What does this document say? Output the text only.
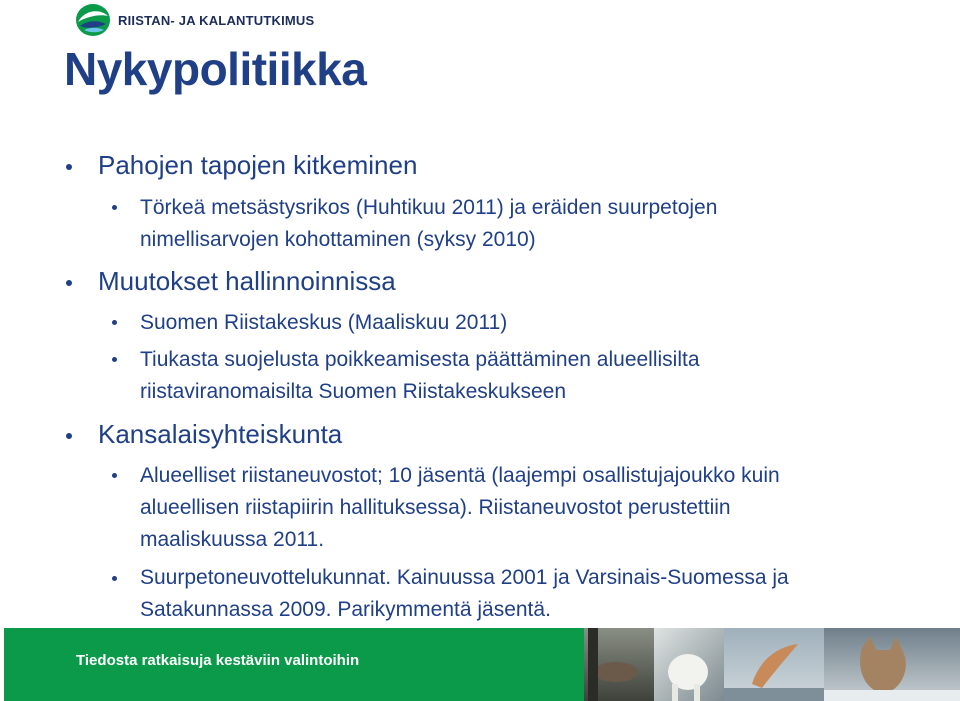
RIISTAN- JA KALANTUTKIMUS
Nykypolitiikka
Pahojen tapojen kitkeminen
Törkeä metsästysrikos (Huhtikuu 2011) ja eräiden suurpetojen
nimellisarvojen kohottaminen (syksy 2010)
Muutokset hallinnoinnissa
Suomen Riistakeskus (Maaliskuu 2011)
Tiukasta suojelusta poikkeamisesta päättäminen alueellisilta
riistaviranomaisilta Suomen Riistakeskukseen
Kansalaisyhteiskunta
Alueelliset riistaneuvostot; 10 jäsentä (laajempi osallistujajoukko kuin
alueellisen riistapiirin hallituksessa). Riistaneuvostot perustettiin
maaliskuussa 2011.
Suurpetoneuvottelukunnat. Kainuussa 2001 ja Varsinais-Suomessa ja
Satakunnassa 2009. Parikymmentä jäsentä.
Tiedosta ratkaisuja kestäviin valintoihin
